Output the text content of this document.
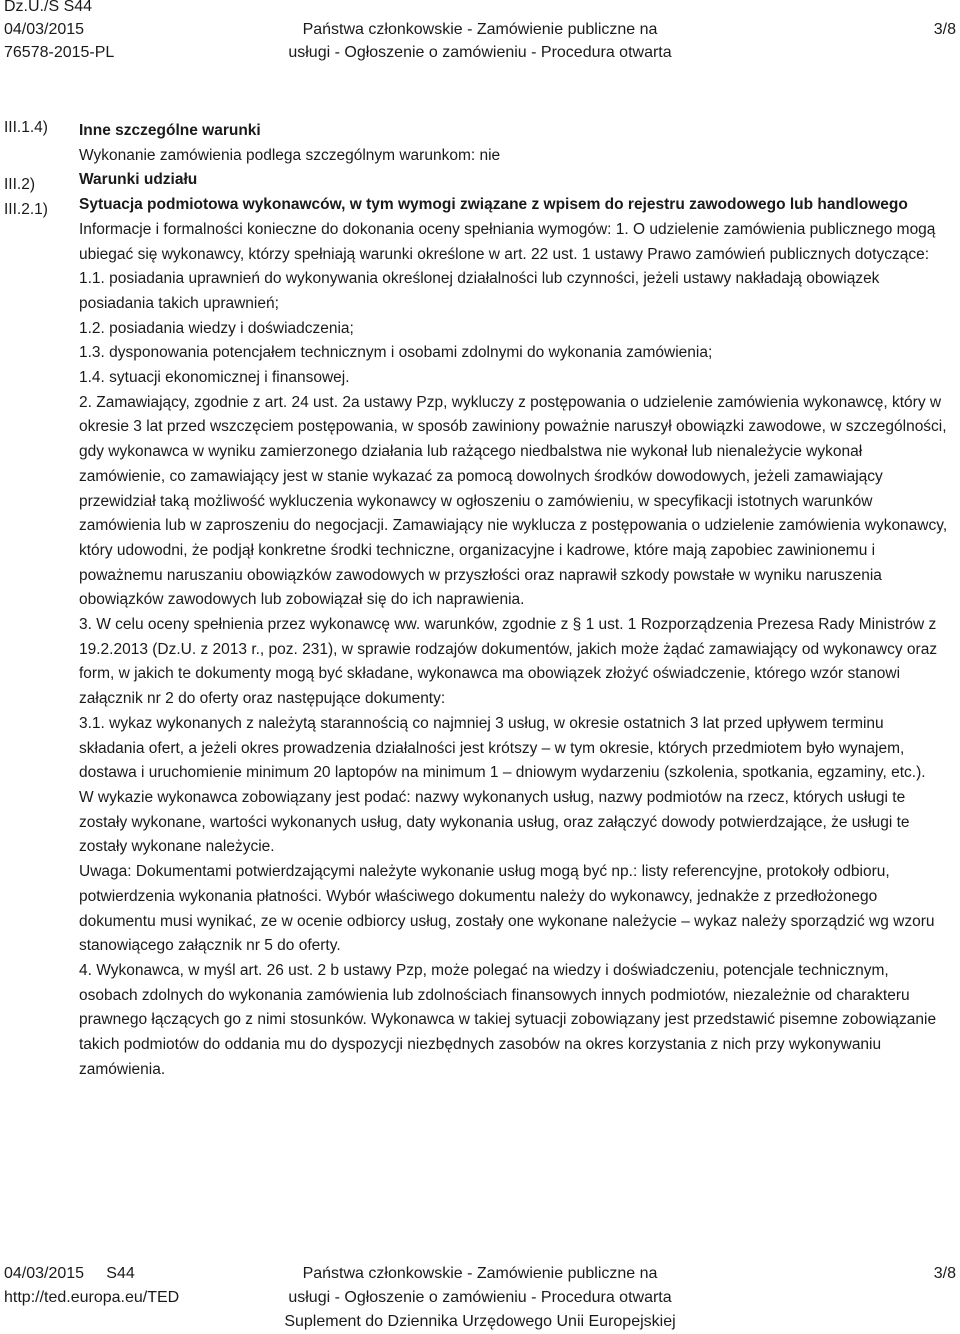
Dz.U./S S44
04/03/2015
76578-2015-PL
Państwa członkowskie - Zamówienie publiczne na
usługi - Ogłoszenie o zamówieniu - Procedura otwarta
3/8
III.1.4)
III.2)
III.2.1)

Inne szczególne warunki

Wykonanie zamówienia podlega szczególnym warunkom: nie

Warunki udziału

Sytuacja podmiotowa wykonawców, w tym wymogi związane z wpisem do rejestru zawodowego lub handlowego

Informacje i formalności konieczne do dokonania oceny spełniania wymogów: 1. O udzielenie zamówienia publicznego mogą ubiegać się wykonawcy, którzy spełniają warunki określone w art. 22 ust. 1 ustawy Prawo zamówień publicznych dotyczące:

1.1. posiadania uprawnień do wykonywania określonej działalności lub czynności, jeżeli ustawy nakładają obowiązek posiadania takich uprawnień;

1.2. posiadania wiedzy i doświadczenia;

1.3. dysponowania potencjałem technicznym i osobami zdolnymi do wykonania zamówienia;

1.4. sytuacji ekonomicznej i finansowej.

2. Zamawiający, zgodnie z art. 24 ust. 2a ustawy Pzp, wykluczy z postępowania o udzielenie zamówienia wykonawcę, który w okresie 3 lat przed wszczęciem postępowania, w sposób zawiniony poważnie naruszył obowiązki zawodowe, w szczególności, gdy wykonawca w wyniku zamierzonego działania lub rażącego niedbalstwa nie wykonał lub nienależycie wykonał zamówienie, co zamawiający jest w stanie wykazać za pomocą dowolnych środków dowodowych, jeżeli zamawiający przewidział taką możliwość wykluczenia wykonawcy w ogłoszeniu o zamówieniu, w specyfikacji istotnych warunków zamówienia lub w zaproszeniu do negocjacji. Zamawiający nie wyklucza z postępowania o udzielenie zamówienia wykonawcy, który udowodni, że podjął konkretne środki techniczne, organizacyjne i kadrowe, które mają zapobiec zawinionemu i poważnemu naruszaniu obowiązków zawodowych w przyszłości oraz naprawił szkody powstałe w wyniku naruszenia obowiązków zawodowych lub zobowiązał się do ich naprawienia.

3. W celu oceny spełnienia przez wykonawcę ww. warunków, zgodnie z § 1 ust. 1 Rozporządzenia Prezesa Rady Ministrów z 19.2.2013 (Dz.U. z 2013 r., poz. 231), w sprawie rodzajów dokumentów, jakich może żądać zamawiający od wykonawcy oraz form, w jakich te dokumenty mogą być składane, wykonawca ma obowiązek złożyć oświadczenie, którego wzór stanowi załącznik nr 2 do oferty oraz następujące dokumenty:

3.1. wykaz wykonanych z należytą starannością co najmniej 3 usług, w okresie ostatnich 3 lat przed upływem terminu składania ofert, a jeżeli okres prowadzenia działalności jest krótszy – w tym okresie, których przedmiotem było wynajem, dostawa i uruchomienie minimum 20 laptopów na minimum 1 – dniowym wydarzeniu (szkolenia, spotkania, egzaminy, etc.).

W wykazie wykonawca zobowiązany jest podać: nazwy wykonanych usług, nazwy podmiotów na rzecz, których usługi te zostały wykonane, wartości wykonanych usług, daty wykonania usług, oraz załączyć dowody potwierdzające, że usługi te zostały wykonane należycie.

Uwaga: Dokumentami potwierdzającymi należyte wykonanie usług mogą być np.: listy referencyjne, protokoły odbioru, potwierdzenia wykonania płatności. Wybór właściwego dokumentu należy do wykonawcy, jednakże z przedłożonego dokumentu musi wynikać, ze w ocenie odbiorcy usług, zostały one wykonane należycie – wykaz należy sporządzić wg wzoru stanowiącego załącznik nr 5 do oferty.

4. Wykonawca, w myśl art. 26 ust. 2 b ustawy Pzp, może polegać na wiedzy i doświadczeniu, potencjale technicznym, osobach zdolnych do wykonania zamówienia lub zdolnościach finansowych innych podmiotów, niezależnie od charakteru prawnego łączących go z nimi stosunków. Wykonawca w takiej sytuacji zobowiązany jest przedstawić pisemne zobowiązanie takich podmiotów do oddania mu do dyspozycji niezbędnych zasobów na okres korzystania z nich przy wykonywaniu zamówienia.

04/03/2015     S44
http://ted.europa.eu/TED
Państwa członkowskie - Zamówienie publiczne na
usługi - Ogłoszenie o zamówieniu - Procedura otwarta
Suplement do Dziennika Urzędowego Unii Europejskiej
3/8
